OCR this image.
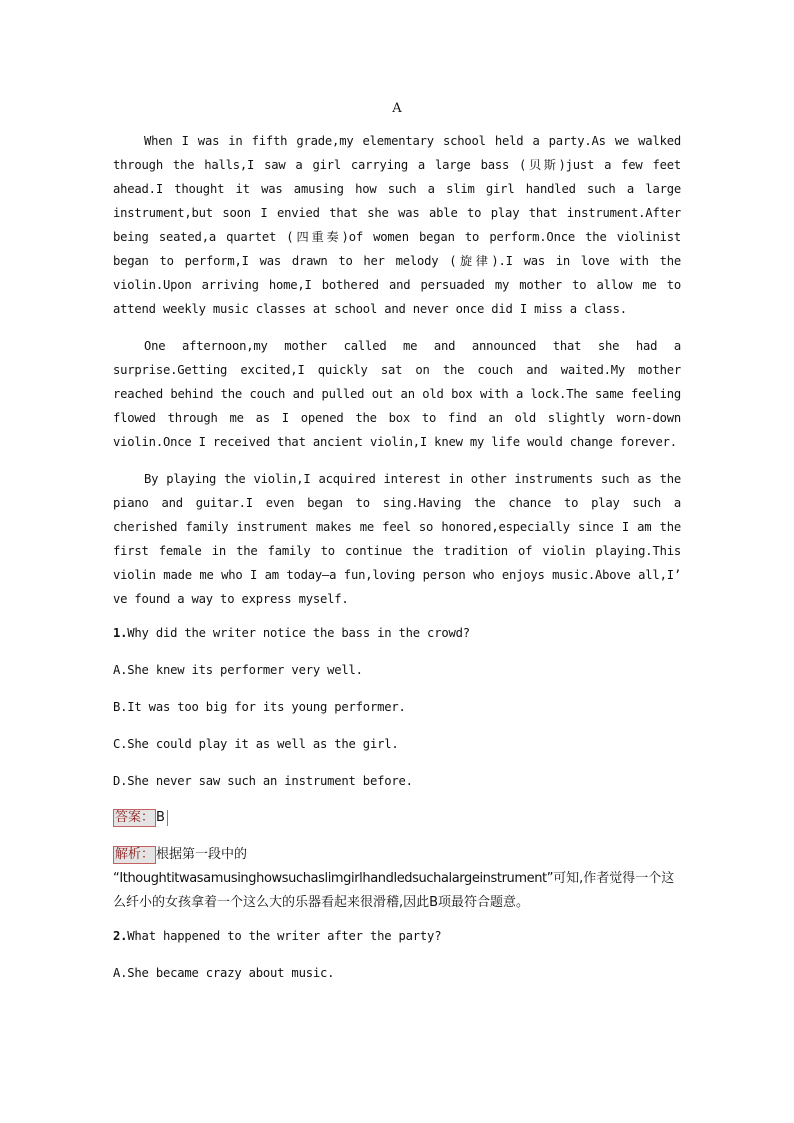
A

When I was in fifth grade,my elementary school held a party.As we walked through the halls,I saw a girl carrying a large bass (贝斯)just a few feet ahead.I thought it was amusing how such a slim girl handled such a large instrument,but soon I envied that she was able to play that instrument.After being seated,a quartet (四重奏)of women began to perform.Once the violinist began to perform,I was drawn to her melody (旋律).I was in love with the violin.Upon arriving home,I bothered and persuaded my mother to allow me to attend weekly music classes at school and never once did I miss a class.

One afternoon,my mother called me and announced that she had a surprise.Getting excited,I quickly sat on the couch and waited.My mother reached behind the couch and pulled out an old box with a lock.The same feeling flowed through me as I opened the box to find an old slightly worn-down violin.Once I received that ancient violin,I knew my life would change forever.

By playing the violin,I acquired interest in other instruments such as the piano and guitar.I even began to sing.Having the chance to play such a cherished family instrument makes me feel so honored,especially since I am the first female in the family to continue the tradition of violin playing.This violin made me who I am today—a fun,loving person who enjoys music.Above all,I’ ve found a way to express myself.

1.Why did the writer notice the bass in the crowd?
A.She knew its performer very well.
B.It was too big for its young performer.
C.She could play it as well as the girl.
D.She never saw such an instrument before.
答案： B
解析： 根据第一段中的
“Ithoughtitwasamusinghowsuchaslimgirlhandledsuchalargeinstrument”可知,作者觉得一个这么纤小的女孩拿着一个这么大的乐器看起来很滑稽,因此B项最符合题意。
2.What happened to the writer after the party?
A.She became crazy about music.
